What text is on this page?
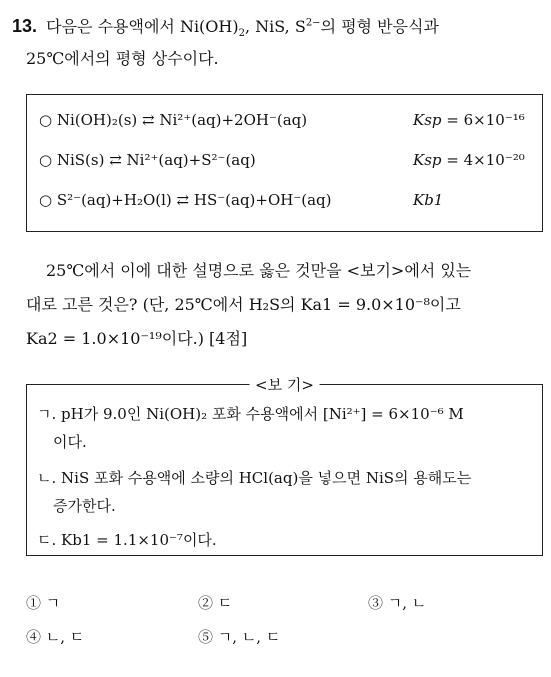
13. 다음은 수용액에서 $Ni(OH)_2$, NiS, $S^{2-}$의 평형 반응식과
25℃에서의 평형 상수이다.
○ Ni(OH)₂(s) ⇄ Ni²⁺(aq)+2OH⁻(aq)	Ksp = 6×10⁻¹⁶
○ NiS(s) ⇄ Ni²⁺(aq)+S²⁻(aq)	Ksp = 4×10⁻²⁰
○ S²⁻(aq)+H₂O(l) ⇄ HS⁻(aq)+OH⁻(aq)	Kb1
25℃에서 이에 대한 설명으로 옳은 것만을 <보기>에서 있는
대로 고른 것은? (단, 25℃에서 H₂S의 Ka1 = 9.0×10⁻⁸이고
Ka2 = 1.0×10⁻¹⁹이다.) [4점]
<보 기>
ㄱ. pH가 9.0인 Ni(OH)₂ 포화 수용액에서 [Ni²⁺] = 6×10⁻⁶ M
이다.
ㄴ. NiS 포화 수용액에 소량의 HCl(aq)을 넣으면 NiS의 용해도는
증가한다.
ㄷ. Kb1 = 1.1×10⁻⁷이다.
① ㄱ	② ㄷ	③ ㄱ, ㄴ
④ ㄴ, ㄷ	⑤ ㄱ, ㄴ, ㄷ
